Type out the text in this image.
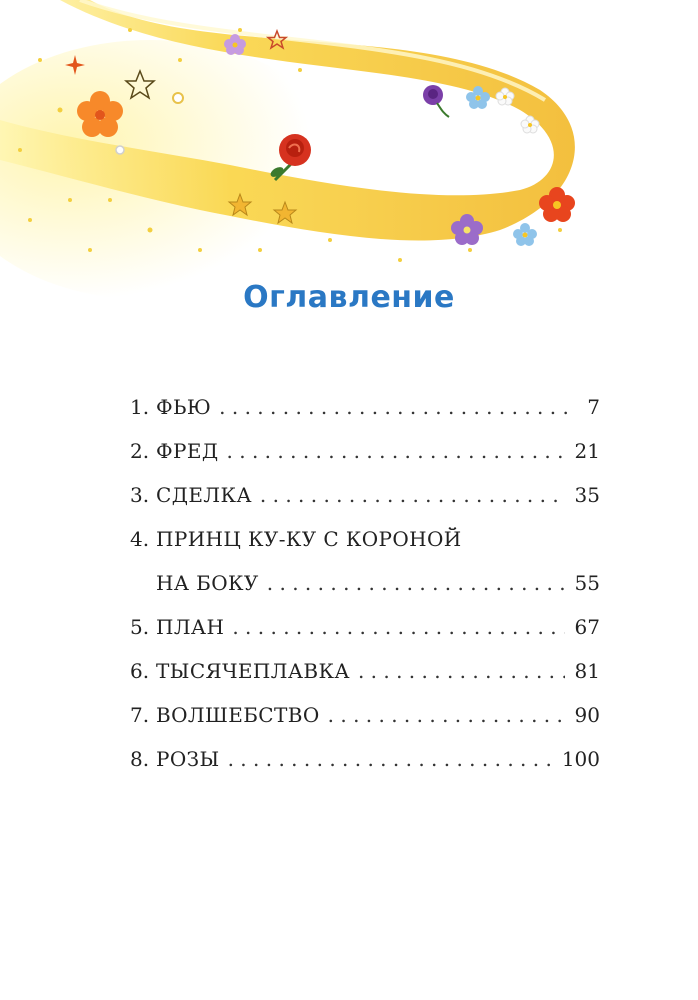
Оглавление
1. ФЬЮ . . .	7
2. ФРЕД . . .	21
3. СДЕЛКА . . .	35
4. ПРИНЦ КУ-КУ С КОРОНОЙ
НА БОКУ . . .	55
5. ПЛАН . . .	67
6. ТЫСЯЧЕПЛАВКА . . .	81
7. ВОЛШЕБСТВО . . .	90
8. РОЗЫ . . .	100
